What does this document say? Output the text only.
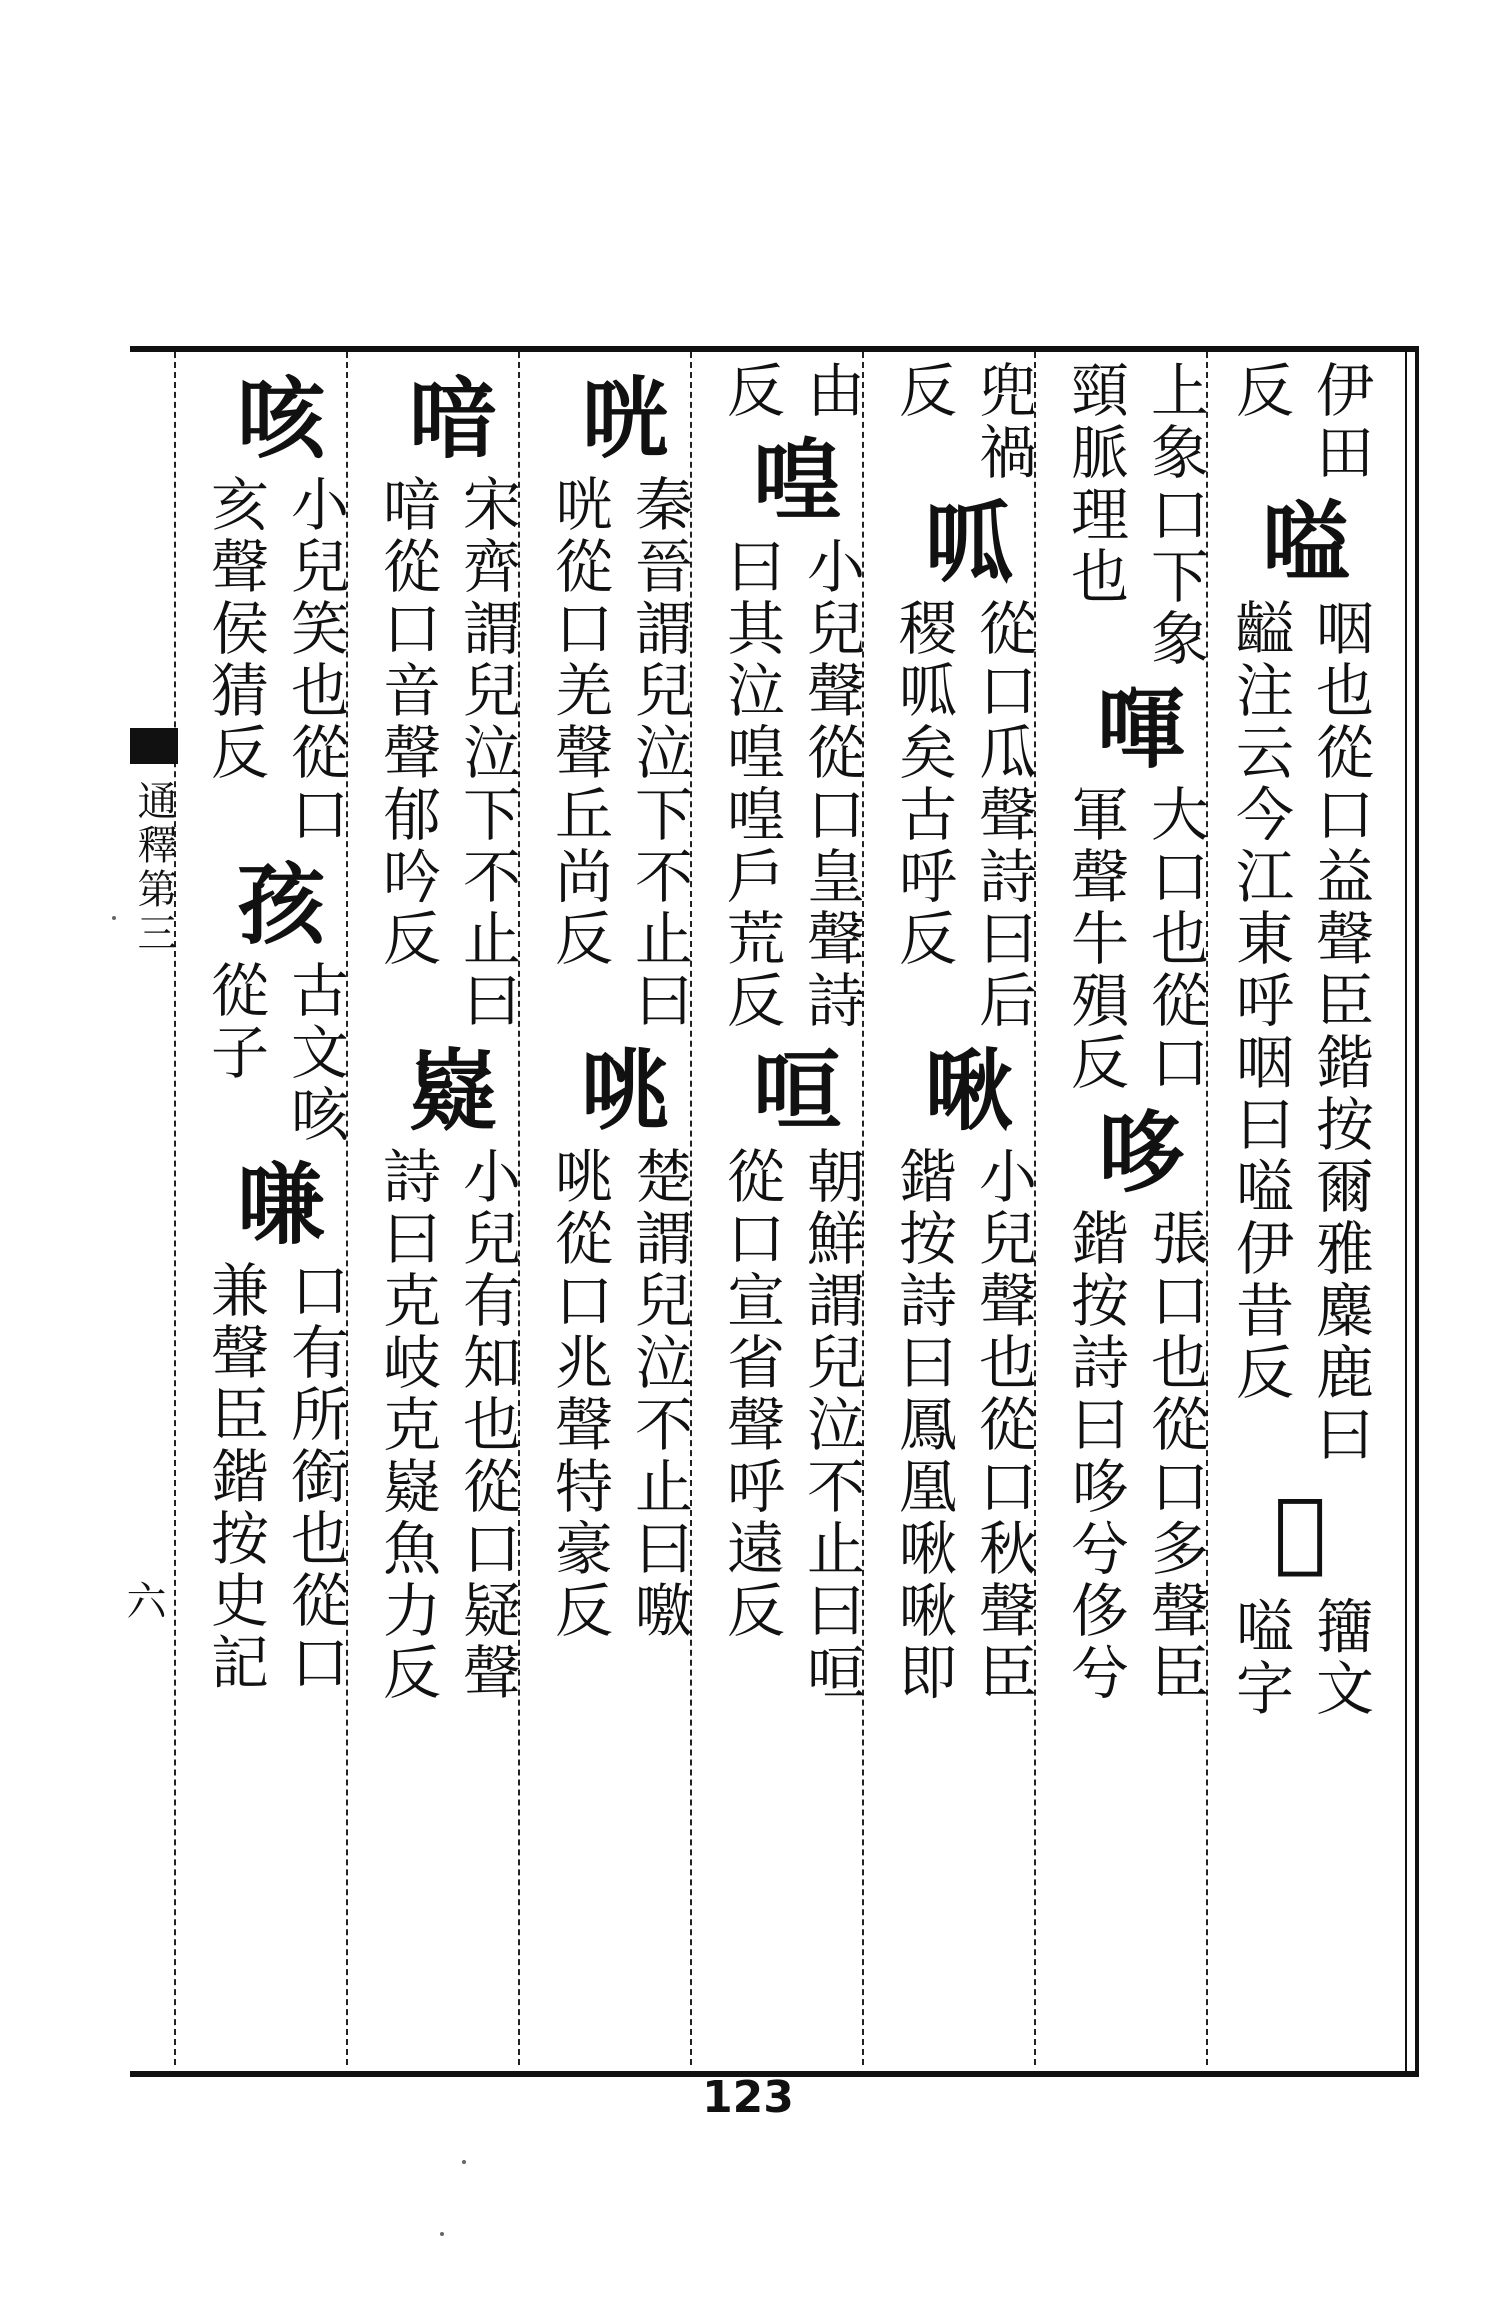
通釋第三
六
反 伊田
嗌
齸注云今江東呼咽曰嗌伊昔反 咽也從口益聲臣鍇按爾雅麋鹿曰
𦧜
嗌字 籒文
頸脈理也 上象口下象
喗
軍聲牛殞反 大口也從口
哆
鍇按詩曰哆兮侈兮 張口也從口多聲臣
反 兜禍
呱
稷呱矣古呼反 從口瓜聲詩曰后
啾
鍇按詩曰鳳凰啾啾即 小兒聲也從口秋聲臣
反 由
喤
曰其泣喤喤戶荒反 小兒聲從口皇聲詩
咺
從口宣省聲呼遠反 朝鮮謂兒泣不止曰咺
咣
咣從口羌聲丘尚反 秦晉謂兒泣下不止曰
咷
咷從口兆聲特豪反 楚謂兒泣不止曰噭
喑
喑從口音聲郁吟反 宋齊謂兒泣下不止曰
嶷
詩曰克岐克嶷魚力反 小兒有知也從口疑聲
咳
亥聲侯猜反 小兒笑也從口
孩
從子 古文咳
嗛
兼聲臣鍇按史記 口有所銜也從口
123
